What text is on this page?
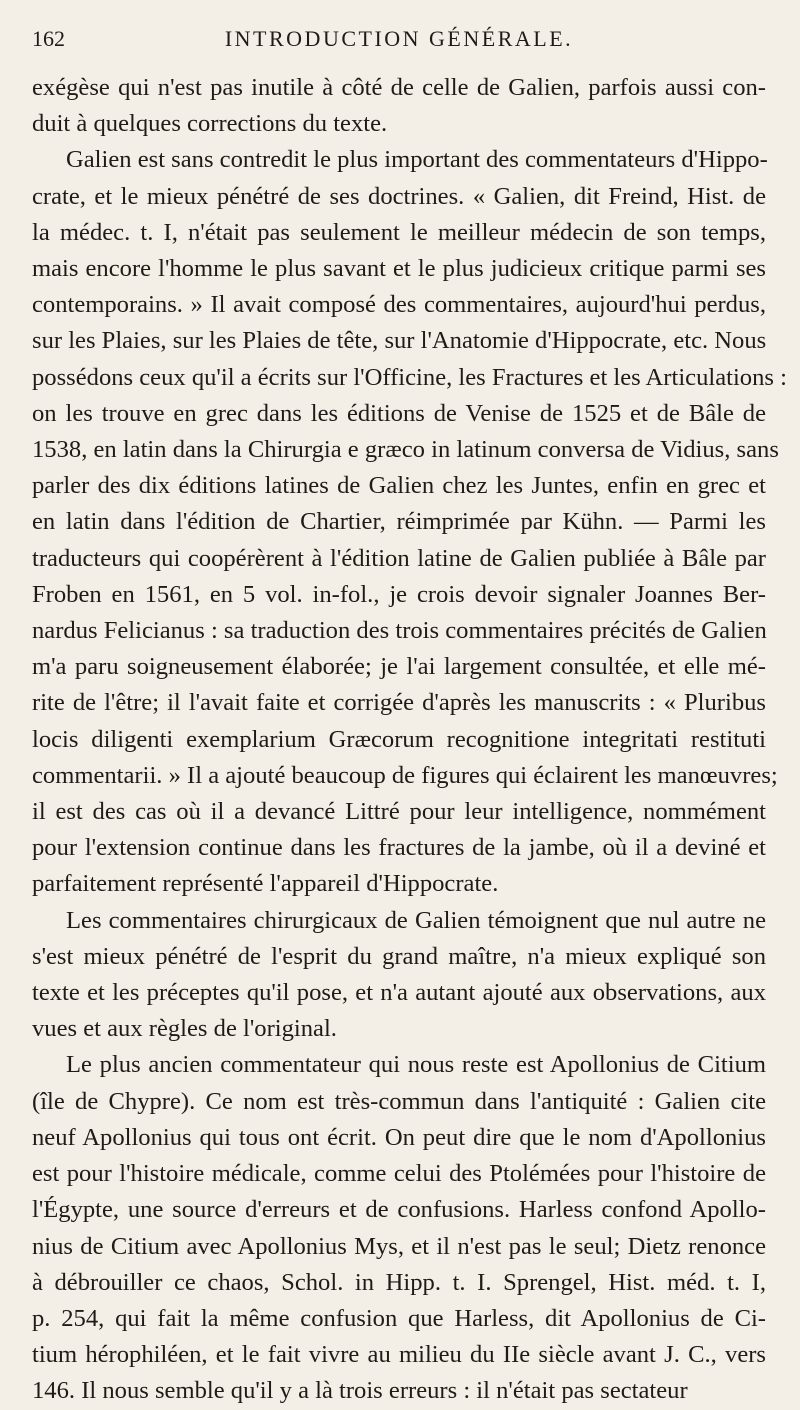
162	INTRODUCTION GÉNÉRALE.
exégèse qui n'est pas inutile à côté de celle de Galien, parfois aussi con-
duit à quelques corrections du texte.
Galien est sans contredit le plus important des commentateurs d'Hippo-
crate, et le mieux pénétré de ses doctrines. « Galien, dit Freind, Hist. de
la médec. t. I, n'était pas seulement le meilleur médecin de son temps,
mais encore l'homme le plus savant et le plus judicieux critique parmi ses
contemporains. » Il avait composé des commentaires, aujourd'hui perdus,
sur les Plaies, sur les Plaies de tête, sur l'Anatomie d'Hippocrate, etc. Nous
possédons ceux qu'il a écrits sur l'Officine, les Fractures et les Articulations :
on les trouve en grec dans les éditions de Venise de 1525 et de Bâle de
1538, en latin dans la Chirurgia e græco in latinum conversa de Vidius, sans
parler des dix éditions latines de Galien chez les Juntes, enfin en grec et
en latin dans l'édition de Chartier, réimprimée par Kühn. — Parmi les
traducteurs qui coopérèrent à l'édition latine de Galien publiée à Bâle par
Froben en 1561, en 5 vol. in-fol., je crois devoir signaler Joannes Ber-
nardus Felicianus : sa traduction des trois commentaires précités de Galien
m'a paru soigneusement élaborée; je l'ai largement consultée, et elle mé-
rite de l'être; il l'avait faite et corrigée d'après les manuscrits : « Pluribus
locis diligenti exemplarium Græcorum recognitione integritati restituti
commentarii. » Il a ajouté beaucoup de figures qui éclairent les manœuvres;
il est des cas où il a devancé Littré pour leur intelligence, nommément
pour l'extension continue dans les fractures de la jambe, où il a deviné et
parfaitement représenté l'appareil d'Hippocrate.
Les commentaires chirurgicaux de Galien témoignent que nul autre ne
s'est mieux pénétré de l'esprit du grand maître, n'a mieux expliqué son
texte et les préceptes qu'il pose, et n'a autant ajouté aux observations, aux
vues et aux règles de l'original.
Le plus ancien commentateur qui nous reste est Apollonius de Citium
(île de Chypre). Ce nom est très-commun dans l'antiquité : Galien cite
neuf Apollonius qui tous ont écrit. On peut dire que le nom d'Apollonius
est pour l'histoire médicale, comme celui des Ptolémées pour l'histoire de
l'Égypte, une source d'erreurs et de confusions. Harless confond Apollo-
nius de Citium avec Apollonius Mys, et il n'est pas le seul; Dietz renonce
à débrouiller ce chaos, Schol. in Hipp. t. I. Sprengel, Hist. méd. t. I,
p. 254, qui fait la même confusion que Harless, dit Apollonius de Ci-
tium hérophiléen, et le fait vivre au milieu du IIe siècle avant J. C., vers
146. Il nous semble qu'il y a là trois erreurs : il n'était pas sectateur
